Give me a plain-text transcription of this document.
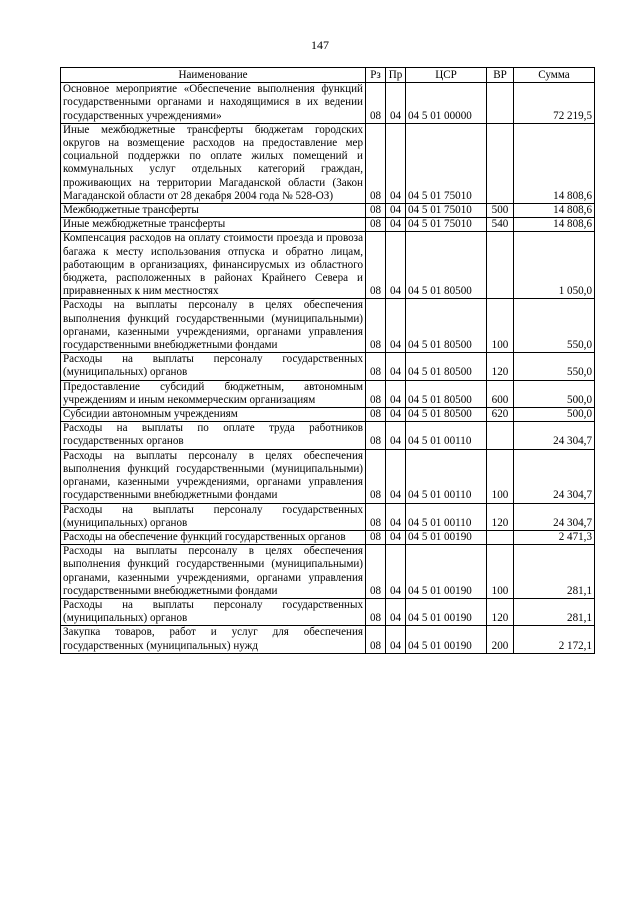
147
Наименование	Рз	Пр	ЦСР	ВР	Сумма
Основное мероприятие «Обеспечение выполнения функций государственными органами и находящимися в их ведении государственных учреждениями»	08	04	04 5 01 00000		72 219,5
Иные межбюджетные трансферты бюджетам городских округов на возмещение расходов на предоставление мер социальной поддержки по оплате жилых помещений и коммунальных услуг отдельных категорий граждан, проживающих на территории Магаданской области (Закон Магаданской области от 28 декабря 2004 года № 528-ОЗ)	08	04	04 5 01 75010		14 808,6
Межбюджетные трансферты	08	04	04 5 01 75010	500	14 808,6
Иные межбюджетные трансферты	08	04	04 5 01 75010	540	14 808,6
Компенсация расходов на оплату стоимости проезда и провоза багажа к месту использования отпуска и обратно лицам, работающим в организациях, финансирусмых из областного бюджета, расположенных в районах Крайнего Севера и приравненных к ним местностях	08	04	04 5 01 80500		1 050,0
Расходы на выплаты персоналу в целях обеспечения выполнения функций государственными (муниципальными) органами, казенными учреждениями, органами управления государственными внебюджетными фондами	08	04	04 5 01 80500	100	550,0
Расходы на выплаты персоналу государственных (муниципальных) органов	08	04	04 5 01 80500	120	550,0
Предоставление субсидий бюджетным, автономным учреждениям и иным некоммерческим организациям	08	04	04 5 01 80500	600	500,0
Субсидии автономным учреждениям	08	04	04 5 01 80500	620	500,0
Расходы на выплаты по оплате труда работников государственных органов	08	04	04 5 01 00110		24 304,7
Расходы на выплаты персоналу в целях обеспечения выполнения функций государственными (муниципальными) органами, казенными учреждениями, органами управления государственными внебюджетными фондами	08	04	04 5 01 00110	100	24 304,7
Расходы на выплаты персоналу государственных (муниципальных) органов	08	04	04 5 01 00110	120	24 304,7
Расходы на обеспечение функций государственных органов	08	04	04 5 01 00190		2 471,3
Расходы на выплаты персоналу в целях обеспечения выполнения функций государственными (муниципальными) органами, казенными учреждениями, органами управления государственными внебюджетными фондами	08	04	04 5 01 00190	100	281,1
Расходы на выплаты персоналу государственных (муниципальных) органов	08	04	04 5 01 00190	120	281,1
Закупка товаров, работ и услуг для обеспечения государственных (муниципальных) нужд	08	04	04 5 01 00190	200	2 172,1
